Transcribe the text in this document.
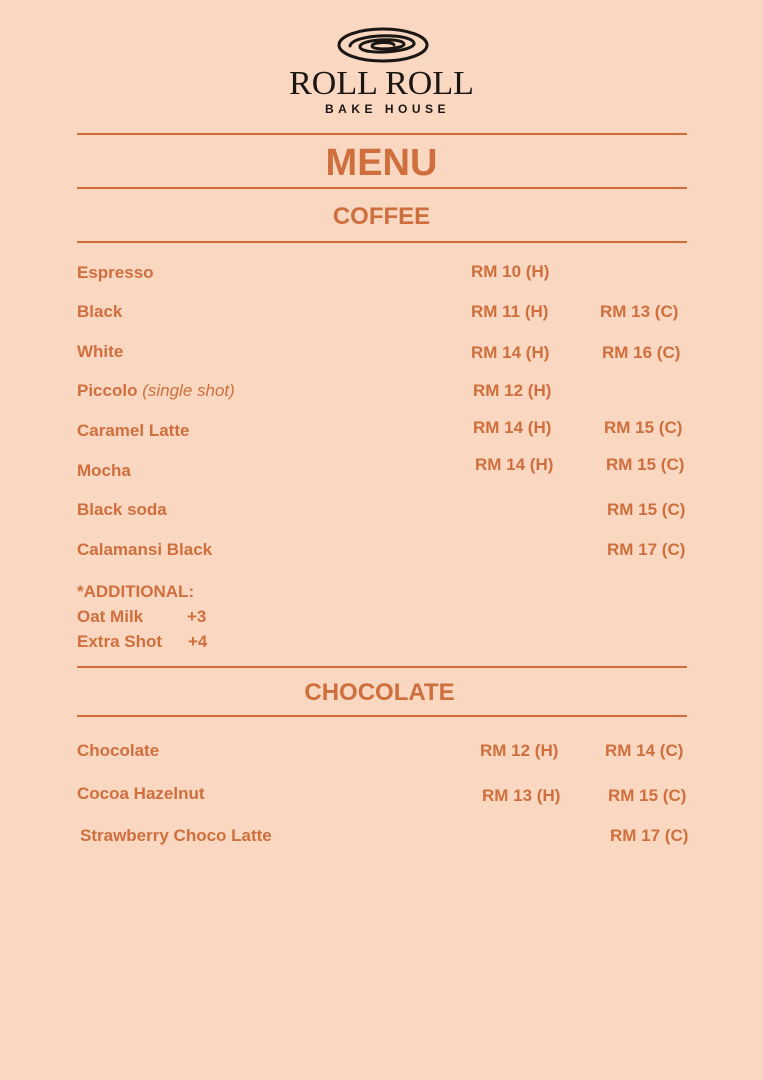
ROLL ROLL
BAKE HOUSE
MENU
COFFEE
Espresso	RM 10 (H)
Black	RM 11 (H)	RM 13 (C)
White	RM 14 (H)	RM 16 (C)
Piccolo (single shot)	RM 12 (H)
Caramel Latte	RM 14 (H)	RM 15 (C)
Mocha	RM 14 (H)	RM 15 (C)
Black soda	RM 15 (C)
Calamansi Black	RM 17 (C)
*ADDITIONAL:
Oat Milk	+3
Extra Shot +4
CHOCOLATE
Chocolate	RM 12 (H)	RM 14 (C)
Cocoa Hazelnut	RM 13 (H)	RM 15 (C)
Strawberry Choco Latte	RM 17 (C)
